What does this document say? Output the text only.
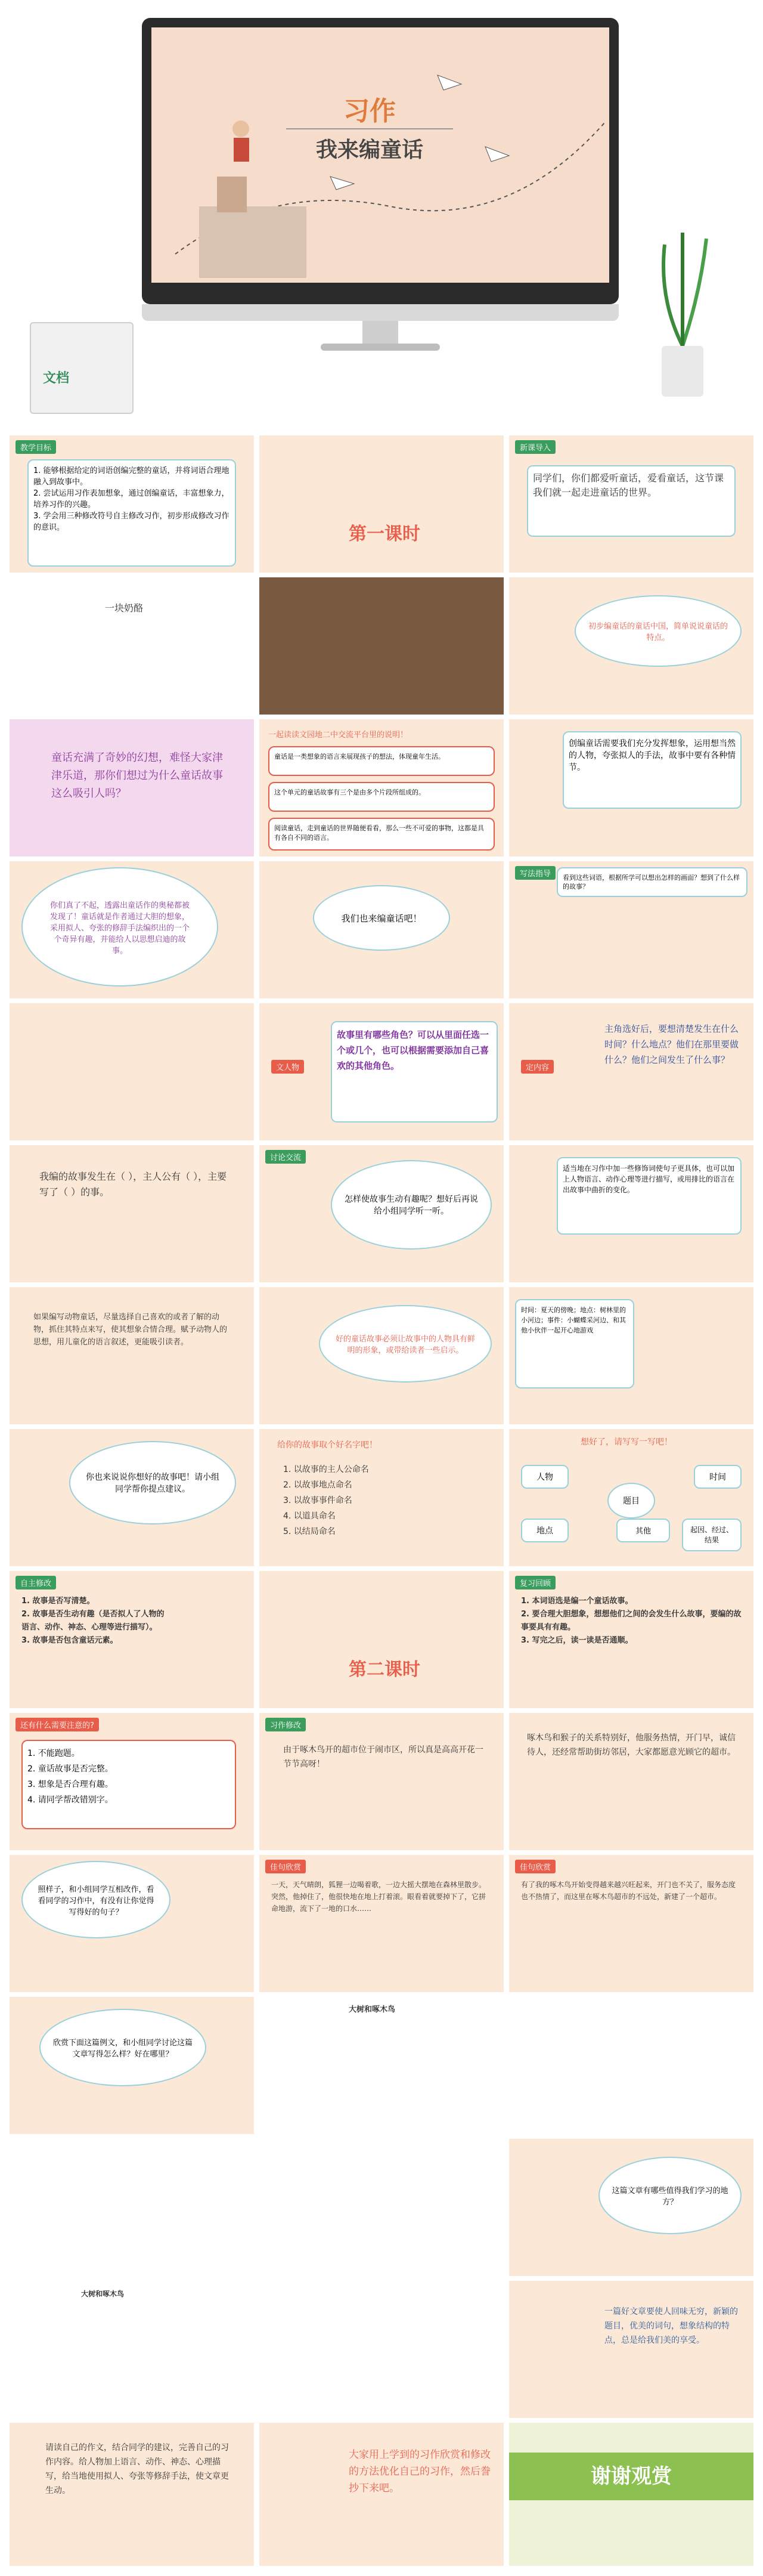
习作
我来编童话
文档
教学目标
1. 能够根据给定的词语创编完整的童话，并将词语合理地融入到故事中。
2. 尝试运用习作表加想象，通过创编童话，丰富想象力，培养习作的兴趣。
3. 学会用三种修改符号自主修改习作，初步形成修改习作的意识。	第一课时
新课导入
同学们，你们都爱听童话，爱看童话，这节课我们就一起走进童话的世界。
一块奶酪
初步编童话的童话中国，简单说说童话的特点。
童话充满了奇妙的幻想，难怪大家津津乐道，那你们想过为什么童话故事这么吸引人吗？
一起读读文园地二中交流平台里的说明！
童话是一类想象的语言来展现孩子的想法，体现童年生活。
这个单元的童话故事有三个是由多个片段所组成的。
阅读童话，走到童话的世界随便看看，那么一些不可爱的事物，这都是具有各自不同的语言。
创编童话需要我们充分发挥想象，运用想当然的人物，夸张拟人的手法，故事中要有各种情节。
你们真了不起，透露出童话作的奥秘都被发现了！童话就是作者通过大胆的想象，采用拟人、夸张的修辞手法编织出的一个个奇异有趣，并能给人以思想启迪的故事。
我们也来编童话吧！
写法指导	看到这些词语，根据所学可以想出怎样的画面？想到了什么样的故事？
文人物
故事里有哪些角色？可以从里面任选一个或几个，也可以根据需要添加自己喜欢的其他角色。	定内容
主角选好后，要想清楚发生在什么时间？什么地点？他们在那里要做什么？他们之间发生了什么事？
我编的故事发生在（ ），主人公有（ ），主要写了（ ）的事。
讨论交流
怎样使故事生动有趣呢？想好后再说给小组同学听一听。
适当地在习作中加一些修饰词使句子更具体，也可以加上人物语言、动作心理等进行描写，或用排比的语言在出故事中曲折的变化。
如果编写动物童话，尽量选择自己喜欢的或者了解的动物，抓住其特点来写，使其想象合情合理。赋予动物人的思想，用儿童化的语言叙述，更能吸引读者。	好的童话故事必须让故事中的人物具有鲜明的形象，或带给读者一些启示。
时间：夏天的傍晚；地点：树林里的小河边；事件：小蝴蝶采河边、和其他小伙伴一起开心地游戏
你也来说说你想好的故事吧！请小组同学帮你提点建议。
给你的故事取个好名字吧！
1. 以故事的主人公命名
2. 以故事地点命名
3. 以故事事件命名
4. 以道具命名
5. 以结局命名
想好了，请写写一写吧！
人物	时间
地点
题目
其他	起因、经过、结果
自主修改
1. 故事是否写清楚。
2. 故事是否生动有趣（是否拟人了人物的语言、动作、神态、心理等进行描写）。
3. 故事是否包含童话元素。
第二课时
复习回顾
1. 本词语选是编一个童话故事。
2. 要合理大胆想象，想想他们之间的会发生什么故事，要编的故事要具有有趣。
3. 写完之后，读一读是否通顺。
还有什么需要注意的?
1. 不能跑题。
2. 童话故事是否完整。
3. 想象是否合理有趣。
4. 请同学帮改错别字。
习作修改
由于啄木鸟开的超市位于闹市区，所以真是高高开花一节节高呀！
啄木鸟和猴子的关系特别好，他服务热情，开门早，诚信待人，还经常帮助街坊邻居，大家都愿意光顾它的超市。
照样子，和小组同学互相改作，看看同学的习作中，有没有让你觉得写得好的句子？
佳句欣赏
一天，天气晴朗，狐狸一边喝着歌，一边大摇大摆地在森林里散步。突然，他掉住了，他很快地在地上打着滚。眼看着就要掉下了，它拼命地游，流下了一地的口水……
佳句欣赏
有了我的啄木鸟开始变得越来越兴旺起来，开门也不关了，服务态度也不热情了，而这里在啄木鸟超市的不远处，新建了一个超市。
欣赏下面这篇例文，和小组同学讨论这篇文章写得怎么样？好在哪里？
大树和啄木鸟
这篇文章有哪些值得我们学习的地方？
大树和啄木鸟
一篇好文章要使人回味无穷，新颖的题目，优美的词句，想象结构的特点，总是给我们美的享受。
请读自己的作文，结合同学的建议，完善自己的习作内容。给人物加上语言、动作、神态、心理描写，给当地使用拟人、夸张等修辞手法，使文章更生动。
大家用上学到的习作欣赏和修改的方法优化自己的习作，然后誊抄下来吧。	谢谢观赏
